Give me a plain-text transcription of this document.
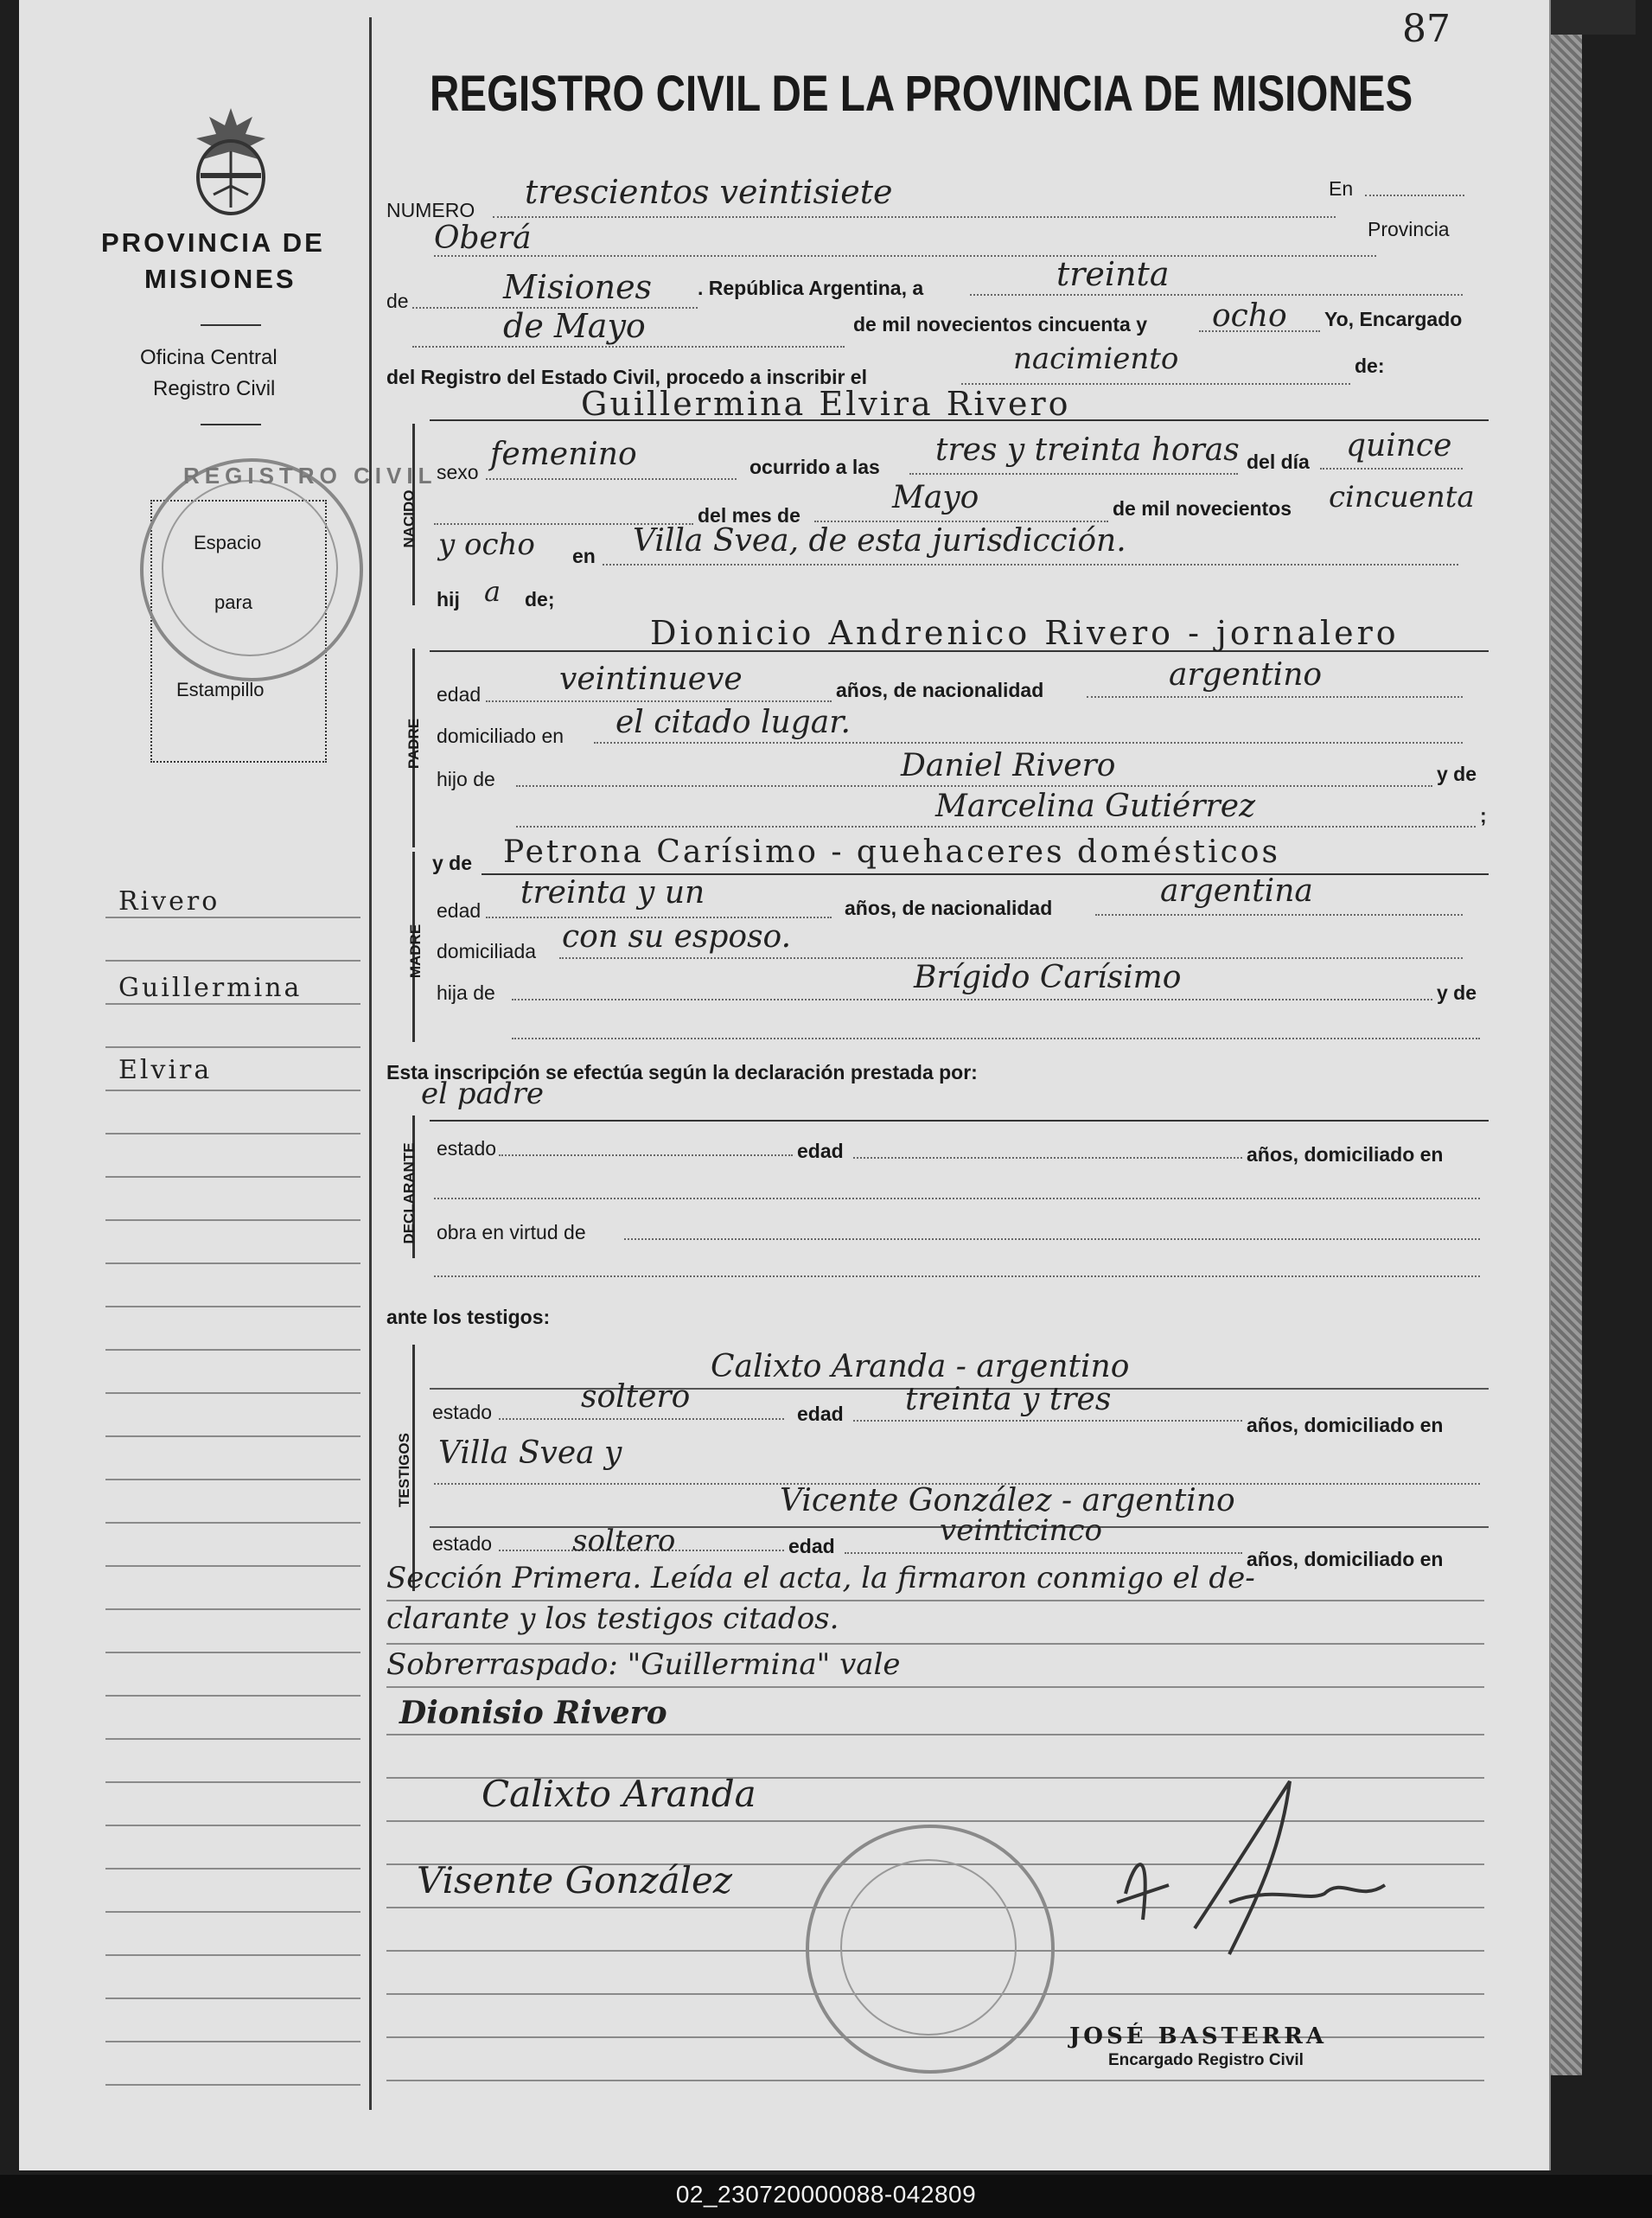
87
PROVINCIA DE
MISIONES
Oficina Central
Registro Civil
Espacio
para
Estampillo
REGISTRO CIVIL
Rivero
Guillermina
Elvira
REGISTRO CIVIL DE LA PROVINCIA DE MISIONES
NUMERO trescientos veintisiete	En
Oberá	Provincia
de	Misiones . República Argentina, a	treinta
de Mayo	de mil novecientos cincuenta y ocho Yo, Encargado
del Registro del Estado Civil, procedo a inscribir el
nacimiento	de:
NACIDO
Guillermina Elvira Rivero
sexo femenino	ocurrido a las tres y treinta horas del día quince
del mes de	Mayo	de mil novecientos cincuenta
y ocho en Villa Svea, de esta jurisdicción.
hij a de;
PADRE
Dionicio Andrenico Rivero - jornalero
edad	veintinueve	años, de nacionalidad	argentino
domiciliado en el citado lugar.
hijo de	Daniel Rivero	y de
Marcelina Gutiérrez	;
MADRE
y de Petrona Carísimo - quehaceres domésticos
edad treinta y un	años, de nacionalidad	argentina
domiciliada con su esposo.
hija de	Brígido Carísimo	y de
Esta inscripción se efectúa según la declaración prestada por:
el padre
DECLARANTE estado	edad	años, domiciliado en
obra en virtud de
ante los testigos:
TESTIGOS
Calixto Aranda - argentino
estado	soltero	edad treinta y tres
años, domiciliado en
Villa Svea y
Vicente González - argentino
estado	soltero	edad	veinticinco
años, domiciliado en
Sección Primera. Leída el acta, la firmaron conmigo el de-
clarante y los testigos citados.
Sobrerraspado: "Guillermina" vale
Dionisio Rivero
Calixto Aranda
Visente González
JOSÉ BASTERRA
Encargado Registro Civil
02_230720000088-042809
